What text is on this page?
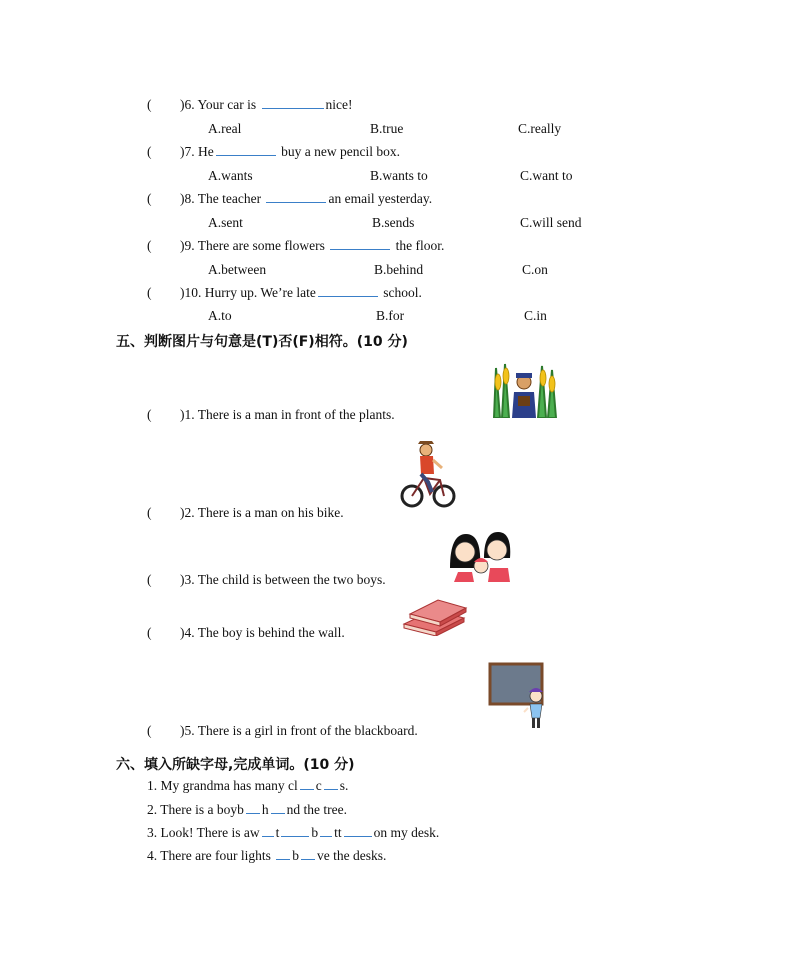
( )6. Your car is	nice!
A.real	B.true	C.really
( )7. He	buy a new pencil box.
A.wants	B.wants to	C.want to
( )8. The teacher	an email yesterday.
A.sent	B.sends	C.will send
( )9. There are some flowers	the floor.
A.between	B.behind	C.on
( )10. Hurry up. We’re late	school.
A.to	B.for	C.in
五、判断图片与句意是(T)否(F)相符。(10 分)
( )1. There is a man in front of the plants.
( )2. There is a man on his bike.
( )3. The child is between the two boys.
( )4. The boy is behind the wall.
( )5. There is a girl in front of the blackboard.
六、填入所缺字母,完成单词。(10 分)
1. My grandma has many cl c s.
2. There is a boyb h nd the tree.
3. Look! There is aw t b tt on my desk.
4. There are four lights b ve the desks.
